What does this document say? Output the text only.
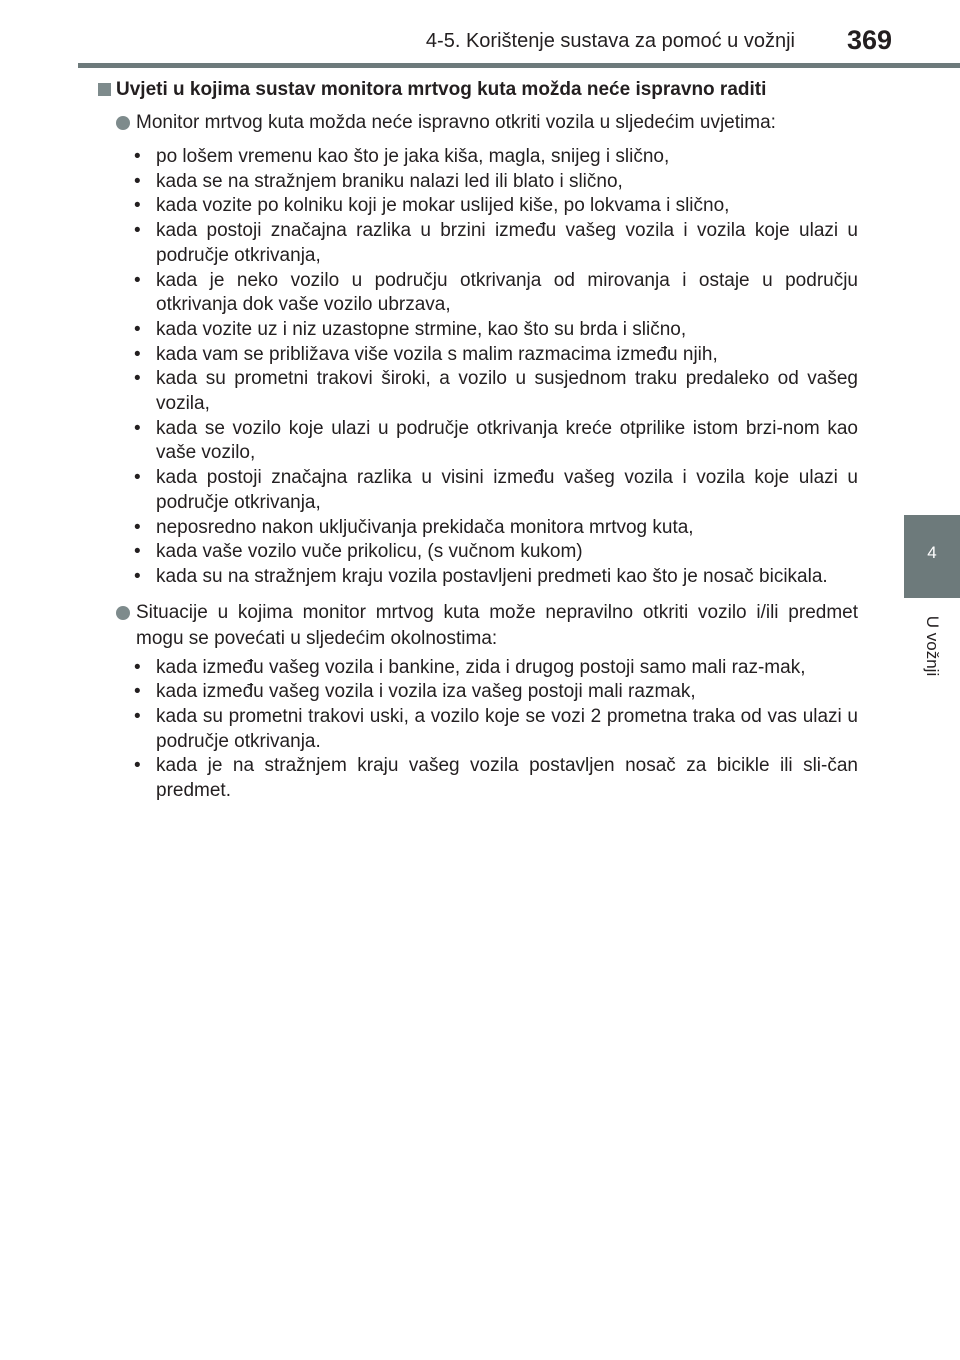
4-5. Korištenje sustava za pomoć u vožnji 369
4
U vožnji
Uvjeti u kojima sustav monitora mrtvog kuta možda neće ispravno raditi
Monitor mrtvog kuta možda neće ispravno otkriti vozila u sljedećim uvjetima:
• po lošem vremenu kao što je jaka kiša, magla, snijeg i slično,
• kada se na stražnjem braniku nalazi led ili blato i slično,
• kada vozite po kolniku koji je mokar uslijed kiše, po lokvama i slično,
• kada postoji značajna razlika u brzini između vašeg vozila i vozila koje ulazi u područje otkrivanja,
• kada je neko vozilo u području otkrivanja od mirovanja i ostaje u području otkrivanja dok vaše vozilo ubrzava,
• kada vozite uz i niz uzastopne strmine, kao što su brda i slično,
• kada vam se približava više vozila s malim razmacima između njih,
• kada su prometni trakovi široki, a vozilo u susjednom traku predaleko od vašeg vozila,
• kada se vozilo koje ulazi u područje otkrivanja kreće otprilike istom brzi-nom kao vaše vozilo,
• kada postoji značajna razlika u visini između vašeg vozila i vozila koje ulazi u područje otkrivanja,
• neposredno nakon uključivanja prekidača monitora mrtvog kuta,
• kada vaše vozilo vuče prikolicu, (s vučnom kukom)
• kada su na stražnjem kraju vozila postavljeni predmeti kao što je nosač bicikala.
Situacije u kojima monitor mrtvog kuta može nepravilno otkriti vozilo i/ili predmet mogu se povećati u sljedećim okolnostima:
• kada između vašeg vozila i bankine, zida i drugog postoji samo mali raz-mak,
• kada između vašeg vozila i vozila iza vašeg postoji mali razmak,
• kada su prometni trakovi uski, a vozilo koje se vozi 2 prometna traka od vas ulazi u područje otkrivanja.
• kada je na stražnjem kraju vašeg vozila postavljen nosač za bicikle ili sli-čan predmet.
